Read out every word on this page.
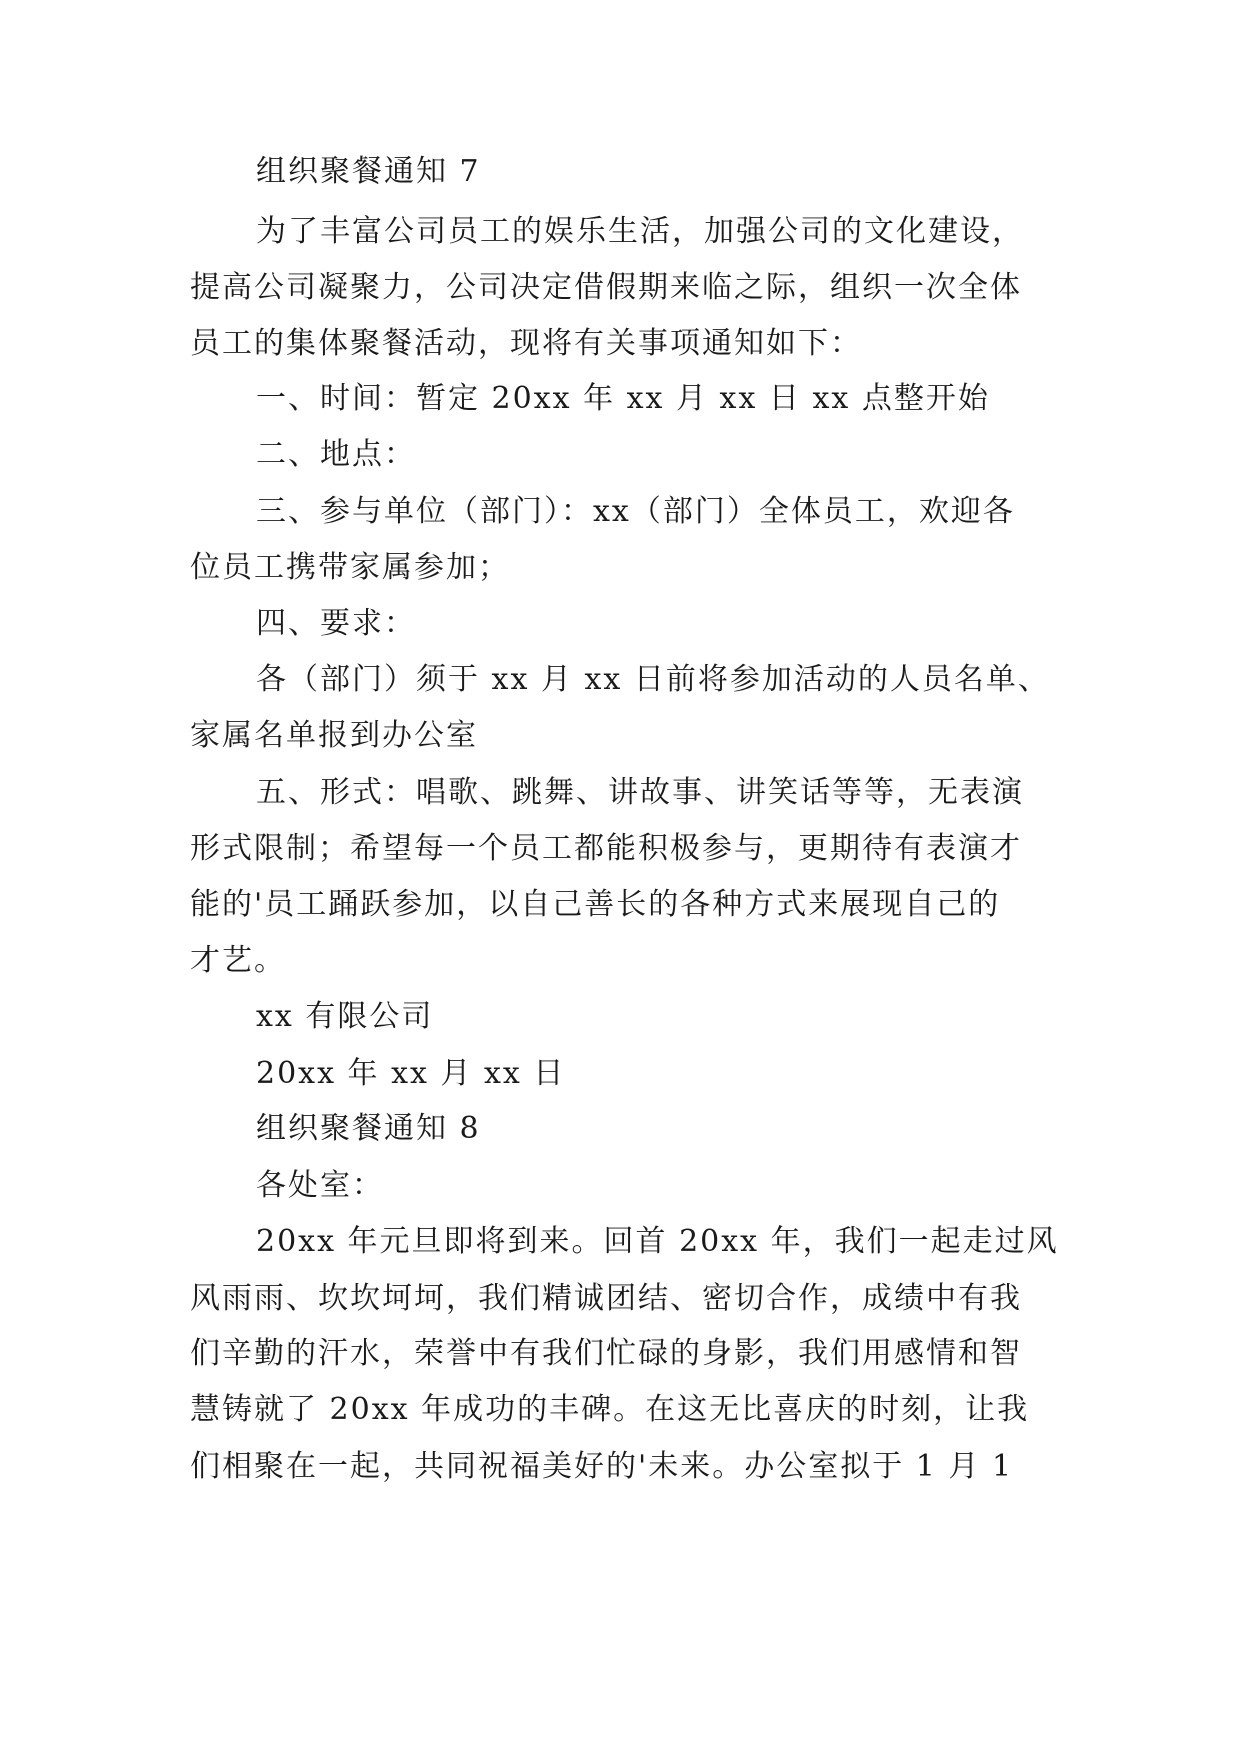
组织聚餐通知 7
为了丰富公司员工的娱乐生活，加强公司的文化建设，
提高公司凝聚力，公司决定借假期来临之际，组织一次全体
员工的集体聚餐活动，现将有关事项通知如下：
一、时间：暂定 20xx 年 xx 月 xx 日 xx 点整开始
二、地点：
三、参与单位（部门）：xx（部门）全体员工，欢迎各
位员工携带家属参加；
四、要求：
各（部门）须于 xx 月 xx 日前将参加活动的人员名单、
家属名单报到办公室
五、形式：唱歌、跳舞、讲故事、讲笑话等等，无表演
形式限制；希望每一个员工都能积极参与，更期待有表演才
能的'员工踊跃参加，以自己善长的各种方式来展现自己的
才艺。
xx 有限公司
20xx 年 xx 月 xx 日
组织聚餐通知 8
各处室：
20xx 年元旦即将到来。回首 20xx 年，我们一起走过风
风雨雨、坎坎坷坷，我们精诚团结、密切合作，成绩中有我
们辛勤的汗水，荣誉中有我们忙碌的身影，我们用感情和智
慧铸就了 20xx 年成功的丰碑。在这无比喜庆的时刻，让我
们相聚在一起，共同祝福美好的'未来。办公室拟于 1 月 1
